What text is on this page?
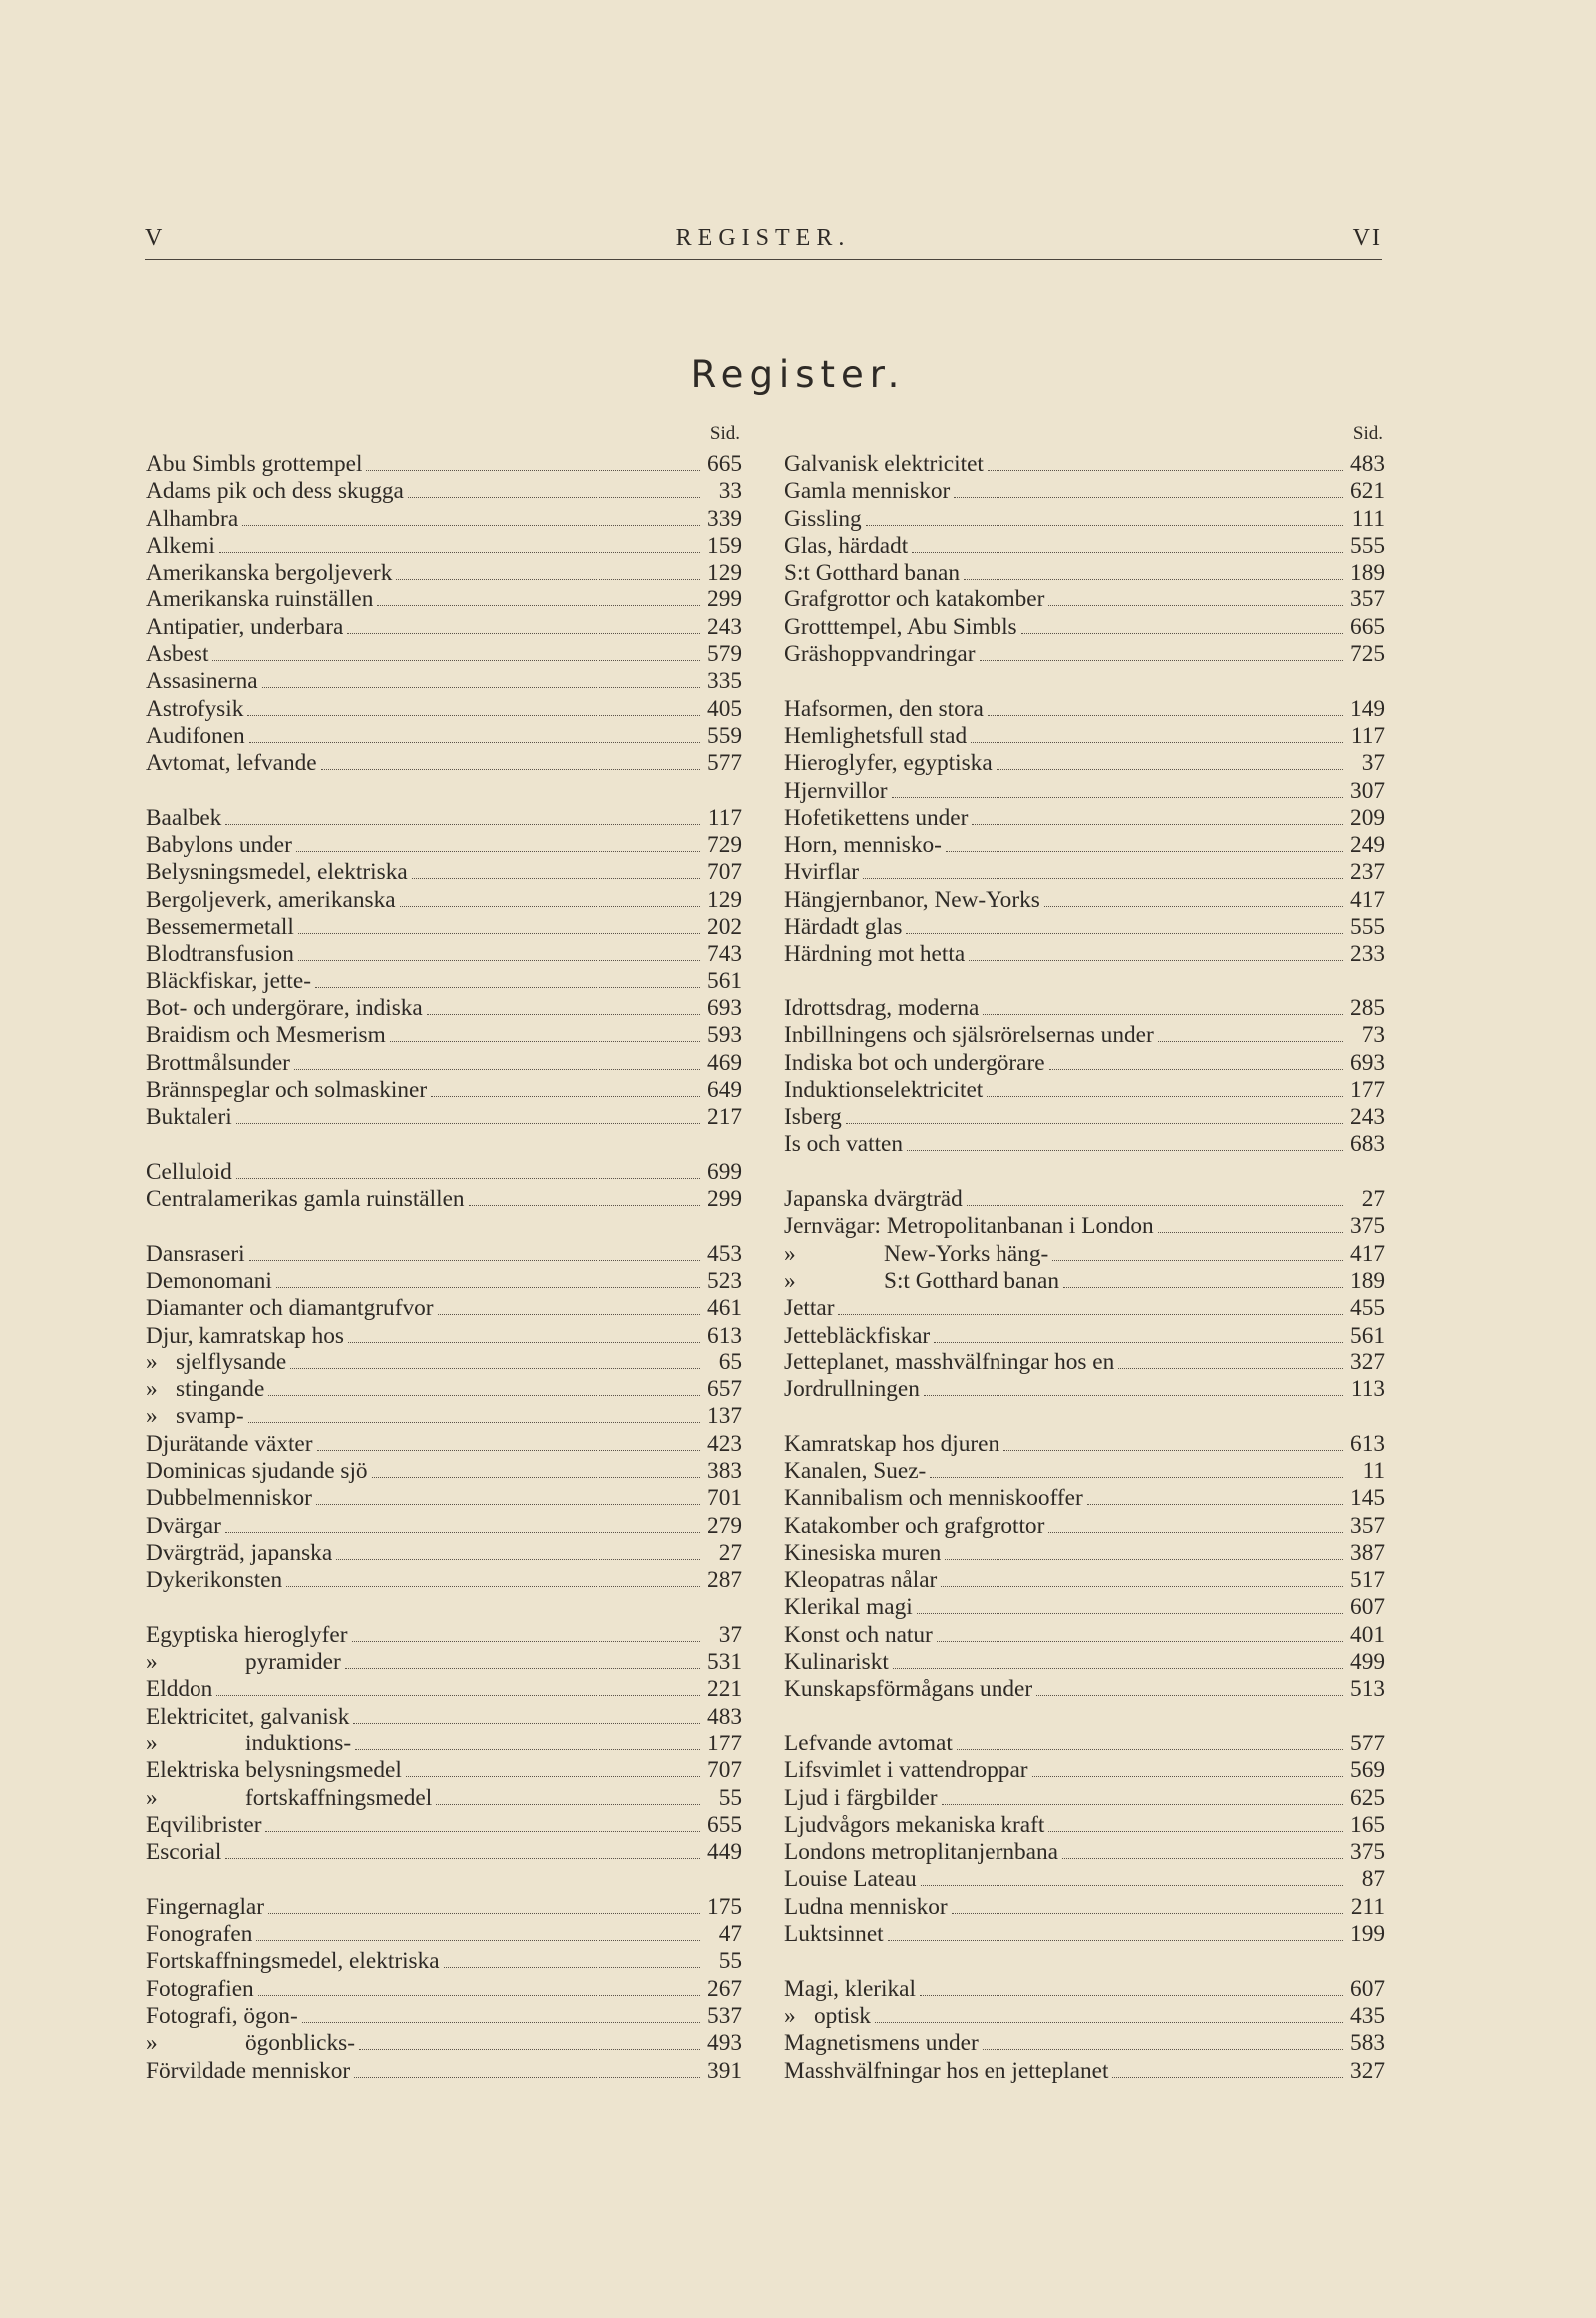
V	REGISTER.	VI
Register.
Sid.
Abu Simbls grottempel	665
Adams pik och dess skugga	33
Alhambra	339
Alkemi	159
Amerikanska bergoljeverk	129
Amerikanska ruinställen	299
Antipatier, underbara	243
Asbest	579
Assasinerna	335
Astrofysik	405
Audifonen	559
Avtomat, lefvande	577
Baalbek	117
Babylons under	729
Belysningsmedel, elektriska	707
Bergoljeverk, amerikanska	129
Bessemermetall	202
Blodtransfusion	743
Bläckfiskar, jette-	561
Bot- och undergörare, indiska	693
Braidism och Mesmerism	593
Brottmålsunder	469
Brännspeglar och solmaskiner	649
Buktaleri	217
Celluloid	699
Centralamerikas gamla ruinställen	299
Dansraseri	453
Demonomani	523
Diamanter och diamantgrufvor	461
Djur, kamratskap hos	613
» sjelflysande	65
» stingande	657
» svamp-	137
Djurätande växter	423
Dominicas sjudande sjö	383
Dubbelmenniskor	701
Dvärgar	279
Dvärgträd, japanska	27
Dykerikonsten	287
Egyptiska hieroglyfer	37
»	pyramider	531
Elddon	221
Elektricitet, galvanisk	483
»	induktions-	177
Elektriska belysningsmedel	707
»	fortskaffningsmedel	55
Eqvilibrister	655
Escorial	449
Fingernaglar	175
Fonografen	47
Fortskaffningsmedel, elektriska	55
Fotografien	267
Fotografi, ögon-	537
»	ögonblicks-	493
Förvildade menniskor	391
Sid.
Galvanisk elektricitet	483
Gamla menniskor	621
Gissling	111
Glas, härdadt	555
S:t Gotthard banan	189
Grafgrottor och katakomber	357
Grotttempel, Abu Simbls	665
Gräshoppvandringar	725
Hafsormen, den stora	149
Hemlighetsfull stad	117
Hieroglyfer, egyptiska	37
Hjernvillor	307
Hofetikettens under	209
Horn, mennisko-	249
Hvirflar	237
Hängjernbanor, New-Yorks	417
Härdadt glas	555
Härdning mot hetta	233
Idrottsdrag, moderna	285
Inbillningens och själsrörelsernas under	73
Indiska bot och undergörare	693
Induktionselektricitet	177
Isberg	243
Is och vatten	683
Japanska dvärgträd	27
Jernvägar: Metropolitanbanan i London	375
»	New-Yorks häng-	417
»	S:t Gotthard banan	189
Jettar	455
Jettebläckfiskar	561
Jetteplanet, masshvälfningar hos en	327
Jordrullningen	113
Kamratskap hos djuren	613
Kanalen, Suez-	11
Kannibalism och menniskooffer	145
Katakomber och grafgrottor	357
Kinesiska muren	387
Kleopatras nålar	517
Klerikal magi	607
Konst och natur	401
Kulinariskt	499
Kunskapsförmågans under	513
Lefvande avtomat	577
Lifsvimlet i vattendroppar	569
Ljud i färgbilder	625
Ljudvågors mekaniska kraft	165
Londons metroplitanjernbana	375
Louise Lateau	87
Ludna menniskor	211
Luktsinnet	199
Magi, klerikal	607
» optisk	435
Magnetismens under	583
Masshvälfningar hos en jetteplanet	327
